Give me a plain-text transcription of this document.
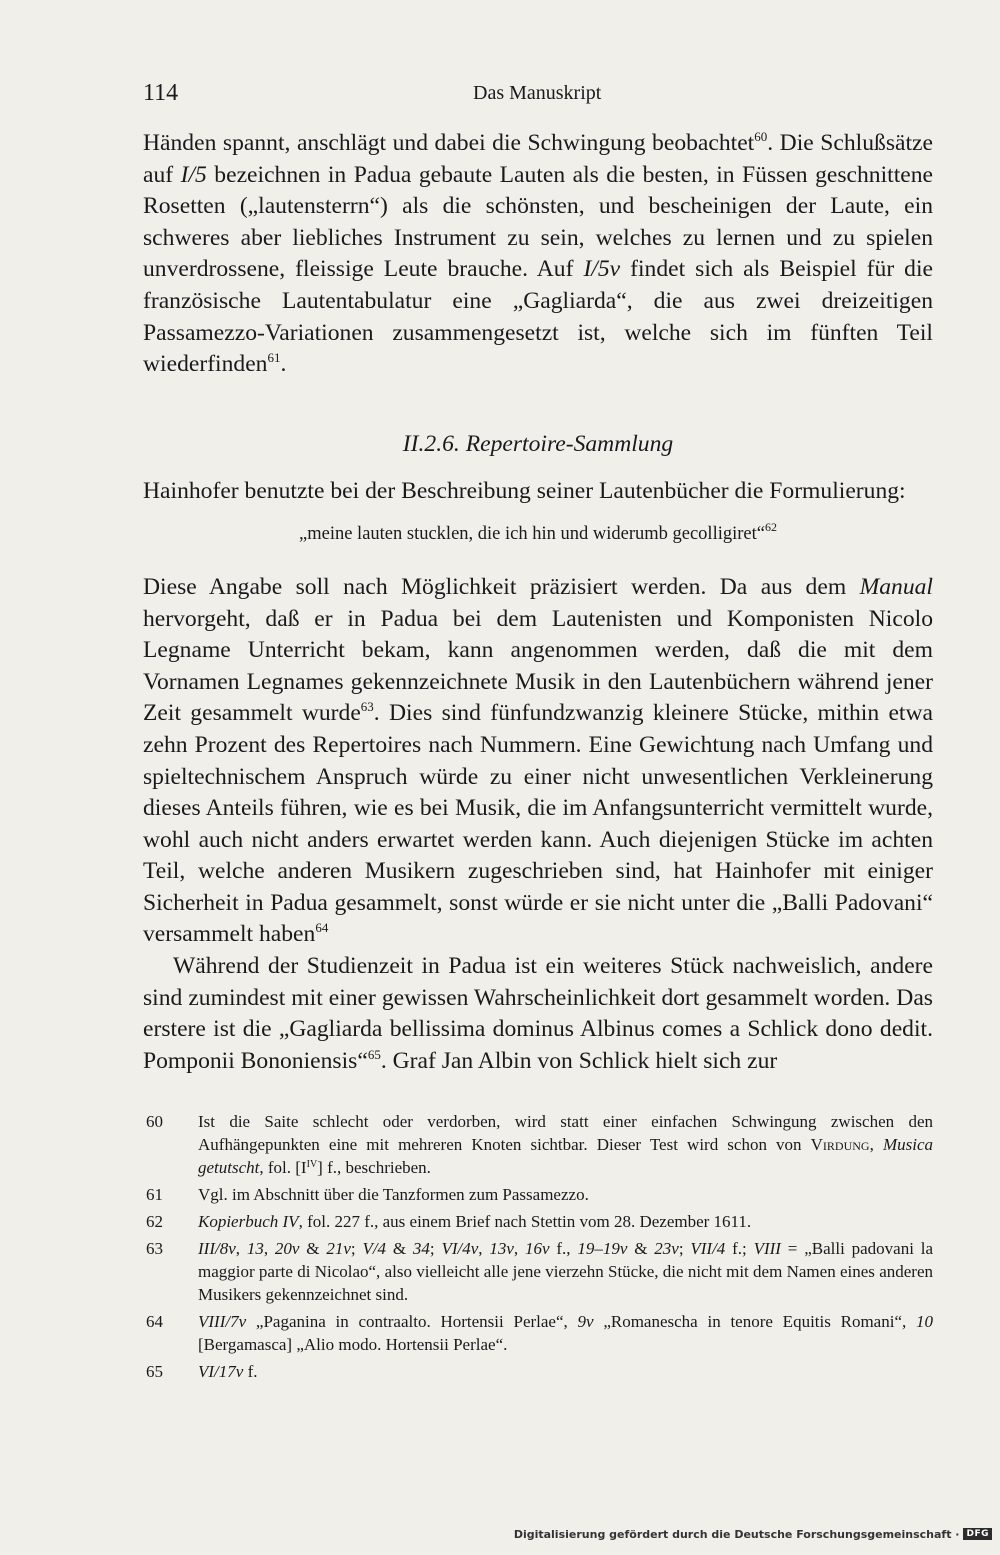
114	Das Manuskript

Händen spannt, anschlägt und dabei die Schwingung beobachtet$^{60}$. Die Schlußsätze auf I/5 bezeichnen in Padua gebaute Lauten als die besten, in Füssen geschnittene Rosetten („lautensterrn“) als die schönsten, und bescheinigen der Laute, ein schweres aber liebliches Instrument zu sein, welches zu lernen und zu spielen unverdrossene, fleissige Leute brauche. Auf I/5v findet sich als Beispiel für die französische Lautentabulatur eine „Gagliarda“, die aus zwei dreizeitigen Passamezzo-Variationen zusammengesetzt ist, welche sich im fünften Teil wiederfinden$^{61}$.

II.2.6. Repertoire-Sammlung

Hainhofer benutzte bei der Beschreibung seiner Lautenbücher die Formulierung:

„meine lauten stucklen, die ich hin und widerumb gecolligiret“$^{62}$

Diese Angabe soll nach Möglichkeit präzisiert werden. Da aus dem Manual hervorgeht, daß er in Padua bei dem Lautenisten und Komponisten Nicolo Legname Unterricht bekam, kann angenommen werden, daß die mit dem Vornamen Legnames gekennzeichnete Musik in den Lautenbüchern während jener Zeit gesammelt wurde$^{63}$. Dies sind fünfundzwanzig kleinere Stücke, mithin etwa zehn Prozent des Repertoires nach Nummern. Eine Gewichtung nach Umfang und spieltechnischem Anspruch würde zu einer nicht unwesentlichen Verkleinerung dieses Anteils führen, wie es bei Musik, die im Anfangsunterricht vermittelt wurde, wohl auch nicht anders erwartet werden kann. Auch diejenigen Stücke im achten Teil, welche anderen Musikern zugeschrieben sind, hat Hainhofer mit einiger Sicherheit in Padua gesammelt, sonst würde er sie nicht unter die „Balli Padovani“ versammelt haben$^{64}$

Während der Studienzeit in Padua ist ein weiteres Stück nachweislich, andere sind zumindest mit einer gewissen Wahrscheinlichkeit dort gesammelt worden. Das erstere ist die „Gagliarda bellissima dominus Albinus comes a Schlick dono dedit. Pomponii Bononiensis“$^{65}$. Graf Jan Albin von Schlick hielt sich zur

60 Ist die Saite schlecht oder verdorben, wird statt einer einfachen Schwingung zwischen den Aufhängepunkten eine mit mehreren Knoten sichtbar. Dieser Test wird schon von Virdung, Musica getutscht, fol. $[I^{IV}]$ f., beschrieben.
61 Vgl. im Abschnitt über die Tanzformen zum Passamezzo.
62 Kopierbuch IV, fol. 227 f., aus einem Brief nach Stettin vom 28. Dezember 1611.
63 III/8v, 13, 20v & 21v; V/4 & 34; VI/4v, 13v, 16v f., 19–19v & 23v; VII/4 f.; VIII = „Balli padovani la maggior parte di Nicolao“, also vielleicht alle jene vierzehn Stücke, die nicht mit dem Namen eines anderen Musikers gekennzeichnet sind.
64 VIII/7v „Paganina in contraalto. Hortensii Perlae“, 9v „Romanescha in tenore Equitis Romani“, 10 [Bergamasca] „Alio modo. Hortensii Perlae“.
65 VI/17v f.
Digitalisierung gefördert durch die Deutsche Forschungsgemeinschaft · DFG
